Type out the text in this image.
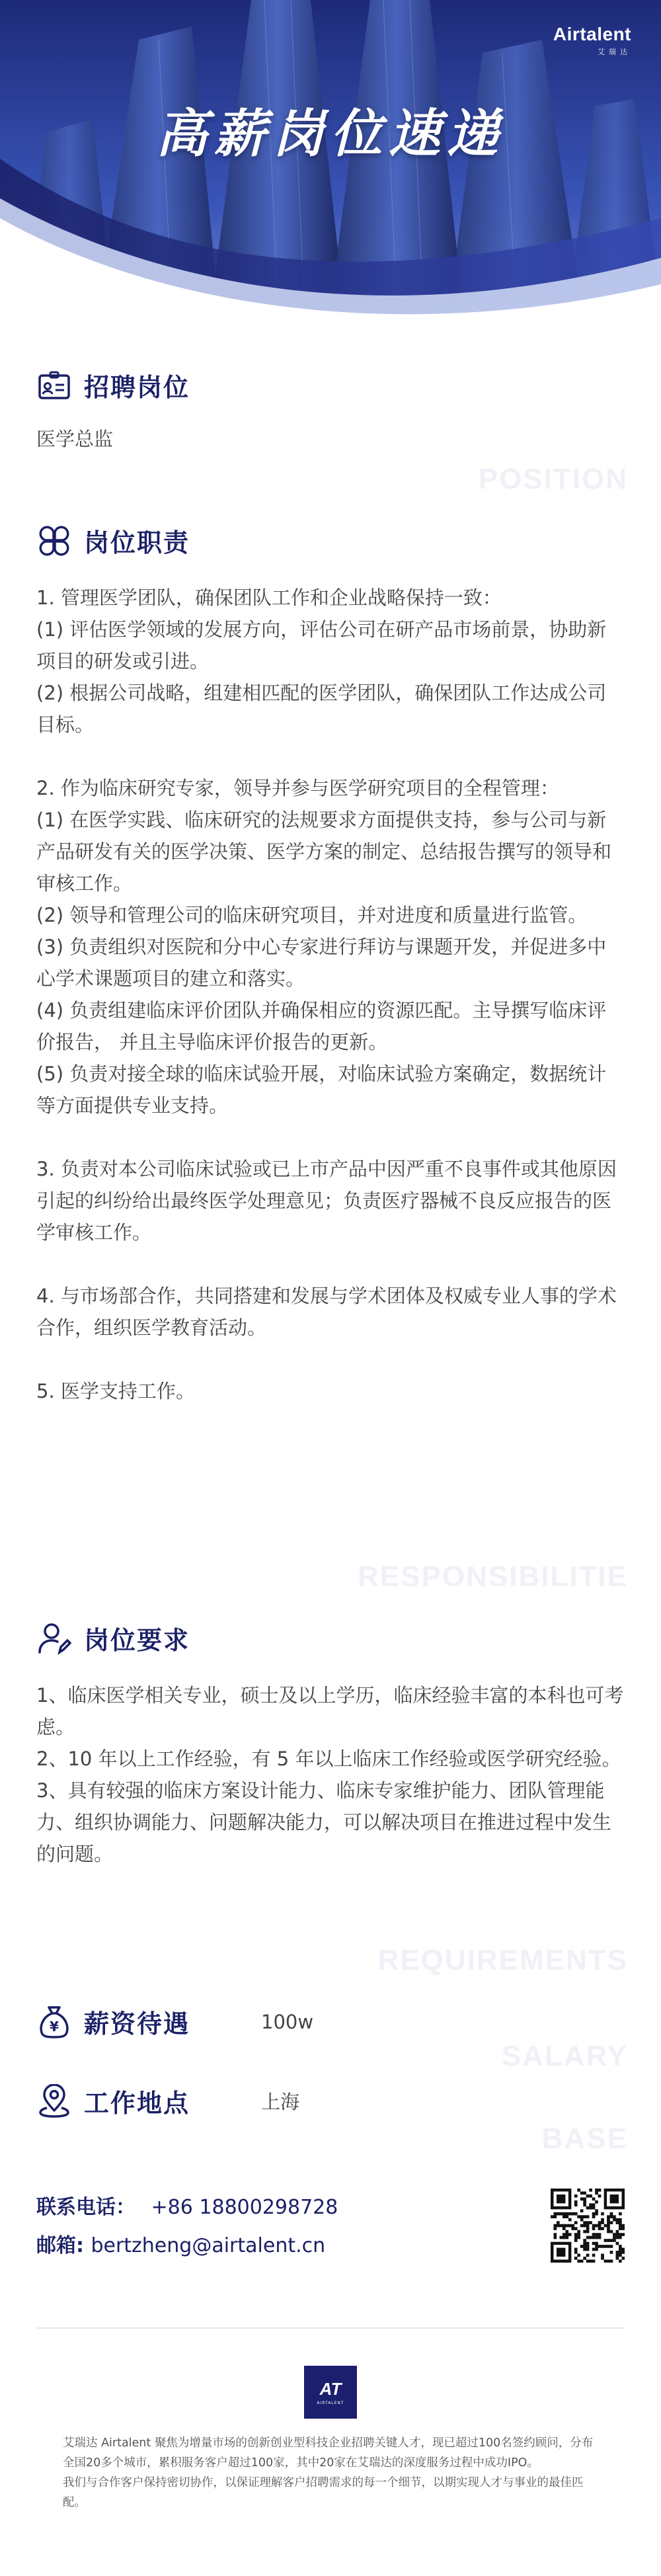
Airtalent
艾瑞达
高薪岗位速递
招聘岗位
医学总监
POSITION
岗位职责

1. 管理医学团队，确保团队工作和企业战略保持一致：

(1) 评估医学领域的发展方向，评估公司在研产品市场前景，协助新项目的研发或引进。

(2) 根据公司战略，组建相匹配的医学团队，确保团队工作达成公司目标。

2. 作为临床研究专家，领导并参与医学研究项目的全程管理：

(1) 在医学实践、临床研究的法规要求方面提供支持，参与公司与新产品研发有关的医学决策、医学方案的制定、总结报告撰写的领导和审核工作。

(2) 领导和管理公司的临床研究项目，并对进度和质量进行监管。

(3) 负责组织对医院和分中心专家进行拜访与课题开发，并促进多中心学术课题项目的建立和落实。

(4) 负责组建临床评价团队并确保相应的资源匹配。主导撰写临床评价报告， 并且主导临床评价报告的更新。

(5) 负责对接全球的临床试验开展，对临床试验方案确定，数据统计等方面提供专业支持。

3. 负责对本公司临床试验或已上市产品中因严重不良事件或其他原因引起的纠纷给出最终医学处理意见；负责医疗器械不良反应报告的医学审核工作。

4. 与市场部合作，共同搭建和发展与学术团体及权威专业人事的学术合作，组织医学教育活动。

5. 医学支持工作。

RESPONSIBILITIE
岗位要求

1、临床医学相关专业，硕士及以上学历，临床经验丰富的本科也可考虑。

2、10 年以上工作经验，有 5 年以上临床工作经验或医学研究经验。

3、具有较强的临床方案设计能力、临床专家维护能力、团队管理能力、组织协调能力、问题解决能力，可以解决项目在推进过程中发生的问题。

REQUIREMENTS
¥ 薪资待遇	100w
SALARY
工作地点	上海
BASE
联系电话： +86 18800298728
邮箱: bertzheng@airtalent.cn
AT
AIRTALENT

艾瑞达 Airtalent 聚焦为增量市场的创新创业型科技企业招聘关键人才，现已超过100名签约顾问，分布全国20多个城市，累积服务客户超过100家，其中20家在艾瑞达的深度服务过程中成功IPO。

我们与合作客户保持密切协作，以保证理解客户招聘需求的每一个细节，以期实现人才与事业的最佳匹配。
